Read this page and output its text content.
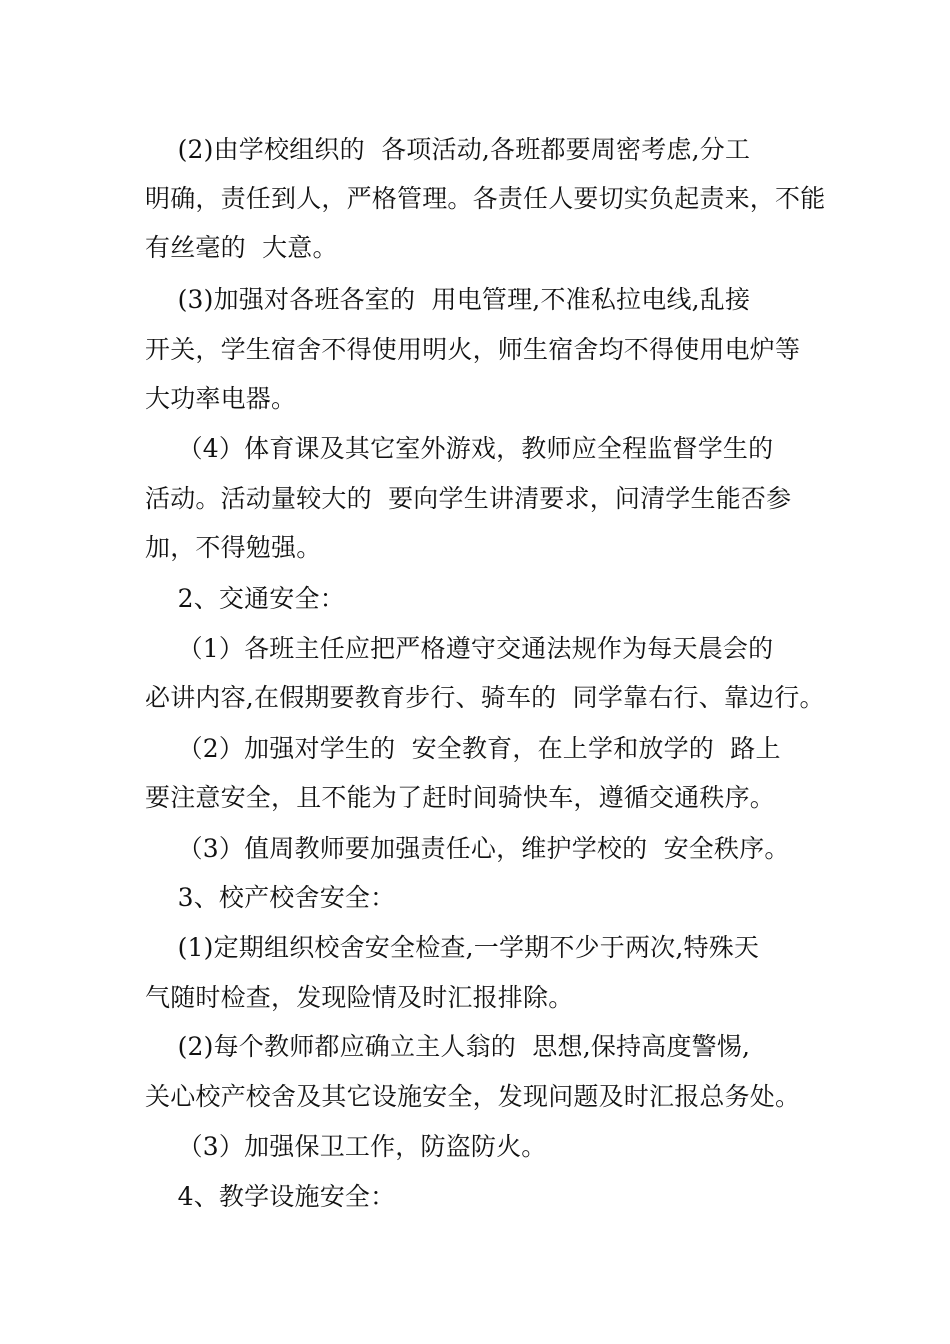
(2)由学校组织的  各项活动,各班都要周密考虑,分工
明确，责任到人，严格管理。各责任人要切实负起责来，不能
有丝毫的  大意。
(3)加强对各班各室的  用电管理,不准私拉电线,乱接
开关，学生宿舍不得使用明火，师生宿舍均不得使用电炉等
大功率电器。
（4）体育课及其它室外游戏，教师应全程监督学生的
活动。活动量较大的  要向学生讲清要求，问清学生能否参
加，不得勉强。
2、交通安全：
（1）各班主任应把严格遵守交通法规作为每天晨会的
必讲内容,在假期要教育步行、骑车的  同学靠右行、靠边行。
（2）加强对学生的  安全教育，在上学和放学的  路上
要注意安全，且不能为了赶时间骑快车，遵循交通秩序。
（3）值周教师要加强责任心，维护学校的  安全秩序。
3、校产校舍安全：
(1)定期组织校舍安全检查,一学期不少于两次,特殊天
气随时检查，发现险情及时汇报排除。
(2)每个教师都应确立主人翁的  思想,保持高度警惕,
关心校产校舍及其它设施安全，发现问题及时汇报总务处。
（3）加强保卫工作，防盗防火。
4、教学设施安全：
